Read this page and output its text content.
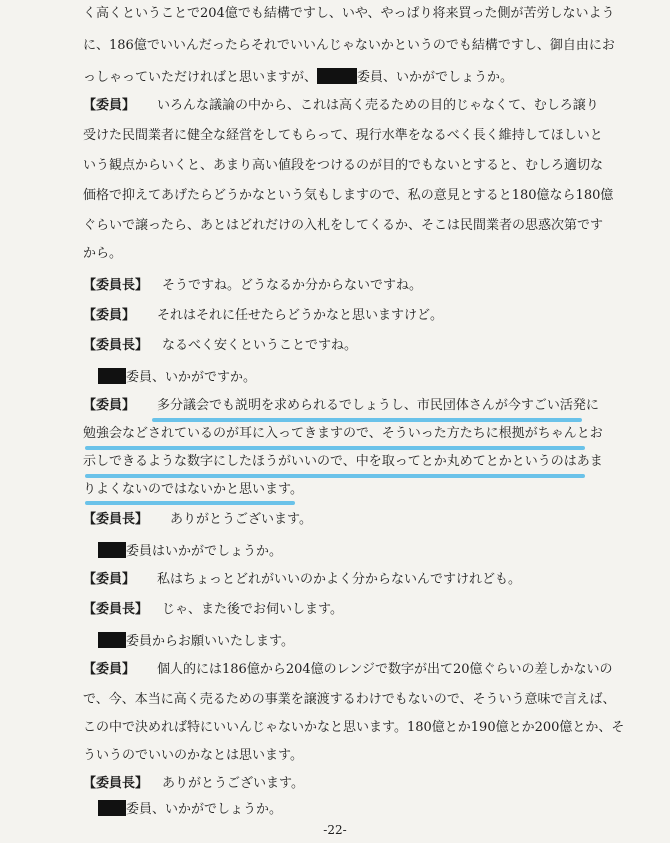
く高くということで204億でも結構ですし、いや、やっぱり将来買った側が苦労しないよう
に、186億でいいんだったらそれでいいんじゃないかというのでも結構ですし、御自由にお
っしゃっていただければと思いますが、	委員、いかがでしょうか。
【委員】 いろんな議論の中から、これは高く売るための目的じゃなくて、むしろ譲り
受けた民間業者に健全な経営をしてもらって、現行水準をなるべく長く維持してほしいと
いう観点からいくと、あまり高い値段をつけるのが目的でもないとすると、むしろ適切な
価格で抑えてあげたらどうかなという気もしますので、私の意見とすると180億なら180億
ぐらいで譲ったら、あとはどれだけの入札をしてくるか、そこは民間業者の思惑次第です
から。
【委員長】 そうですね。どうなるか分からないですね。
【委員】 それはそれに任せたらどうかなと思いますけど。
【委員長】 なるべく安くということですね。
委員、いかがですか。
【委員】 多分議会でも説明を求められるでしょうし、市民団体さんが今すごい活発に
勉強会などされているのが耳に入ってきますので、そういった方たちに根拠がちゃんとお
示しできるような数字にしたほうがいいので、中を取ってとか丸めてとかというのはあま
りよくないのではないかと思います。
【委員長】 ありがとうございます。
委員はいかがでしょうか。
【委員】 私はちょっとどれがいいのかよく分からないんですけれども。
【委員長】 じゃ、また後でお伺いします。
委員からお願いいたします。
【委員】 個人的には186億から204億のレンジで数字が出て20億ぐらいの差しかないの
で、今、本当に高く売るための事業を譲渡するわけでもないので、そういう意味で言えば、
この中で決めれば特にいいんじゃないかなと思います。180億とか190億とか200億とか、そ
ういうのでいいのかなとは思います。
【委員長】 ありがとうございます。
委員、いかがでしょうか。
-22-
